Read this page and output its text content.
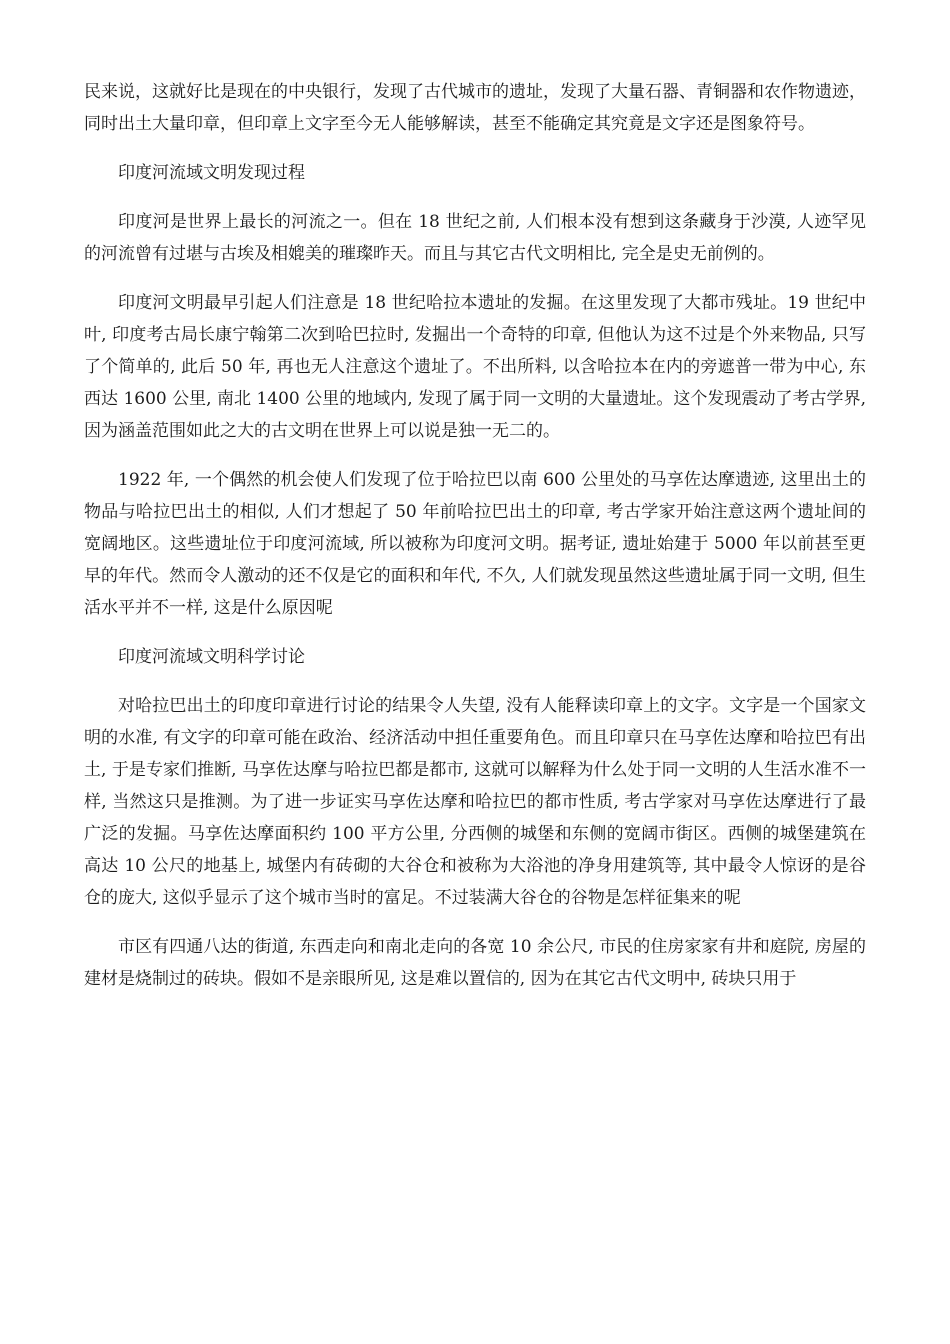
民来说，这就好比是现在的中央银行，发现了古代城市的遗址，发现了大量石器、青铜器和农作物遗迹，同时出土大量印章，但印章上文字至今无人能够解读，甚至不能确定其究竟是文字还是图象符号。

印度河流域文明发现过程

印度河是世界上最长的河流之一。但在 18 世纪之前, 人们根本没有想到这条藏身于沙漠, 人迹罕见的河流曾有过堪与古埃及相媲美的璀璨昨天。而且与其它古代文明相比, 完全是史无前例的。

印度河文明最早引起人们注意是 18 世纪哈拉本遗址的发掘。在这里发现了大都市残址。19 世纪中叶, 印度考古局长康宁翰第二次到哈巴拉时, 发掘出一个奇特的印章, 但他认为这不过是个外来物品, 只写了个简单的, 此后 50 年, 再也无人注意这个遗址了。不出所料, 以含哈拉本在内的旁遮普一带为中心, 东西达 1600 公里, 南北 1400 公里的地域内, 发现了属于同一文明的大量遗址。这个发现震动了考古学界, 因为涵盖范围如此之大的古文明在世界上可以说是独一无二的。

1922 年, 一个偶然的机会使人们发现了位于哈拉巴以南 600 公里处的马享佐达摩遗迹, 这里出土的物品与哈拉巴出土的相似, 人们才想起了 50 年前哈拉巴出土的印章, 考古学家开始注意这两个遗址间的宽阔地区。这些遗址位于印度河流域, 所以被称为印度河文明。据考证, 遗址始建于 5000 年以前甚至更早的年代。然而令人激动的还不仅是它的面积和年代, 不久, 人们就发现虽然这些遗址属于同一文明, 但生活水平并不一样, 这是什么原因呢

印度河流域文明科学讨论

对哈拉巴出土的印度印章进行讨论的结果令人失望, 没有人能释读印章上的文字。文字是一个国家文明的水准, 有文字的印章可能在政治、经济活动中担任重要角色。而且印章只在马享佐达摩和哈拉巴有出土, 于是专家们推断, 马享佐达摩与哈拉巴都是都市, 这就可以解释为什么处于同一文明的人生活水准不一样, 当然这只是推测。为了进一步证实马享佐达摩和哈拉巴的都市性质, 考古学家对马享佐达摩进行了最广泛的发掘。马享佐达摩面积约 100 平方公里, 分西侧的城堡和东侧的宽阔市街区。西侧的城堡建筑在高达 10 公尺的地基上, 城堡内有砖砌的大谷仓和被称为大浴池的净身用建筑等, 其中最令人惊讶的是谷仓的庞大, 这似乎显示了这个城市当时的富足。不过装满大谷仓的谷物是怎样征集来的呢

市区有四通八达的街道, 东西走向和南北走向的各宽 10 余公尺, 市民的住房家家有井和庭院, 房屋的建材是烧制过的砖块。假如不是亲眼所见, 这是难以置信的, 因为在其它古代文明中, 砖块只用于
